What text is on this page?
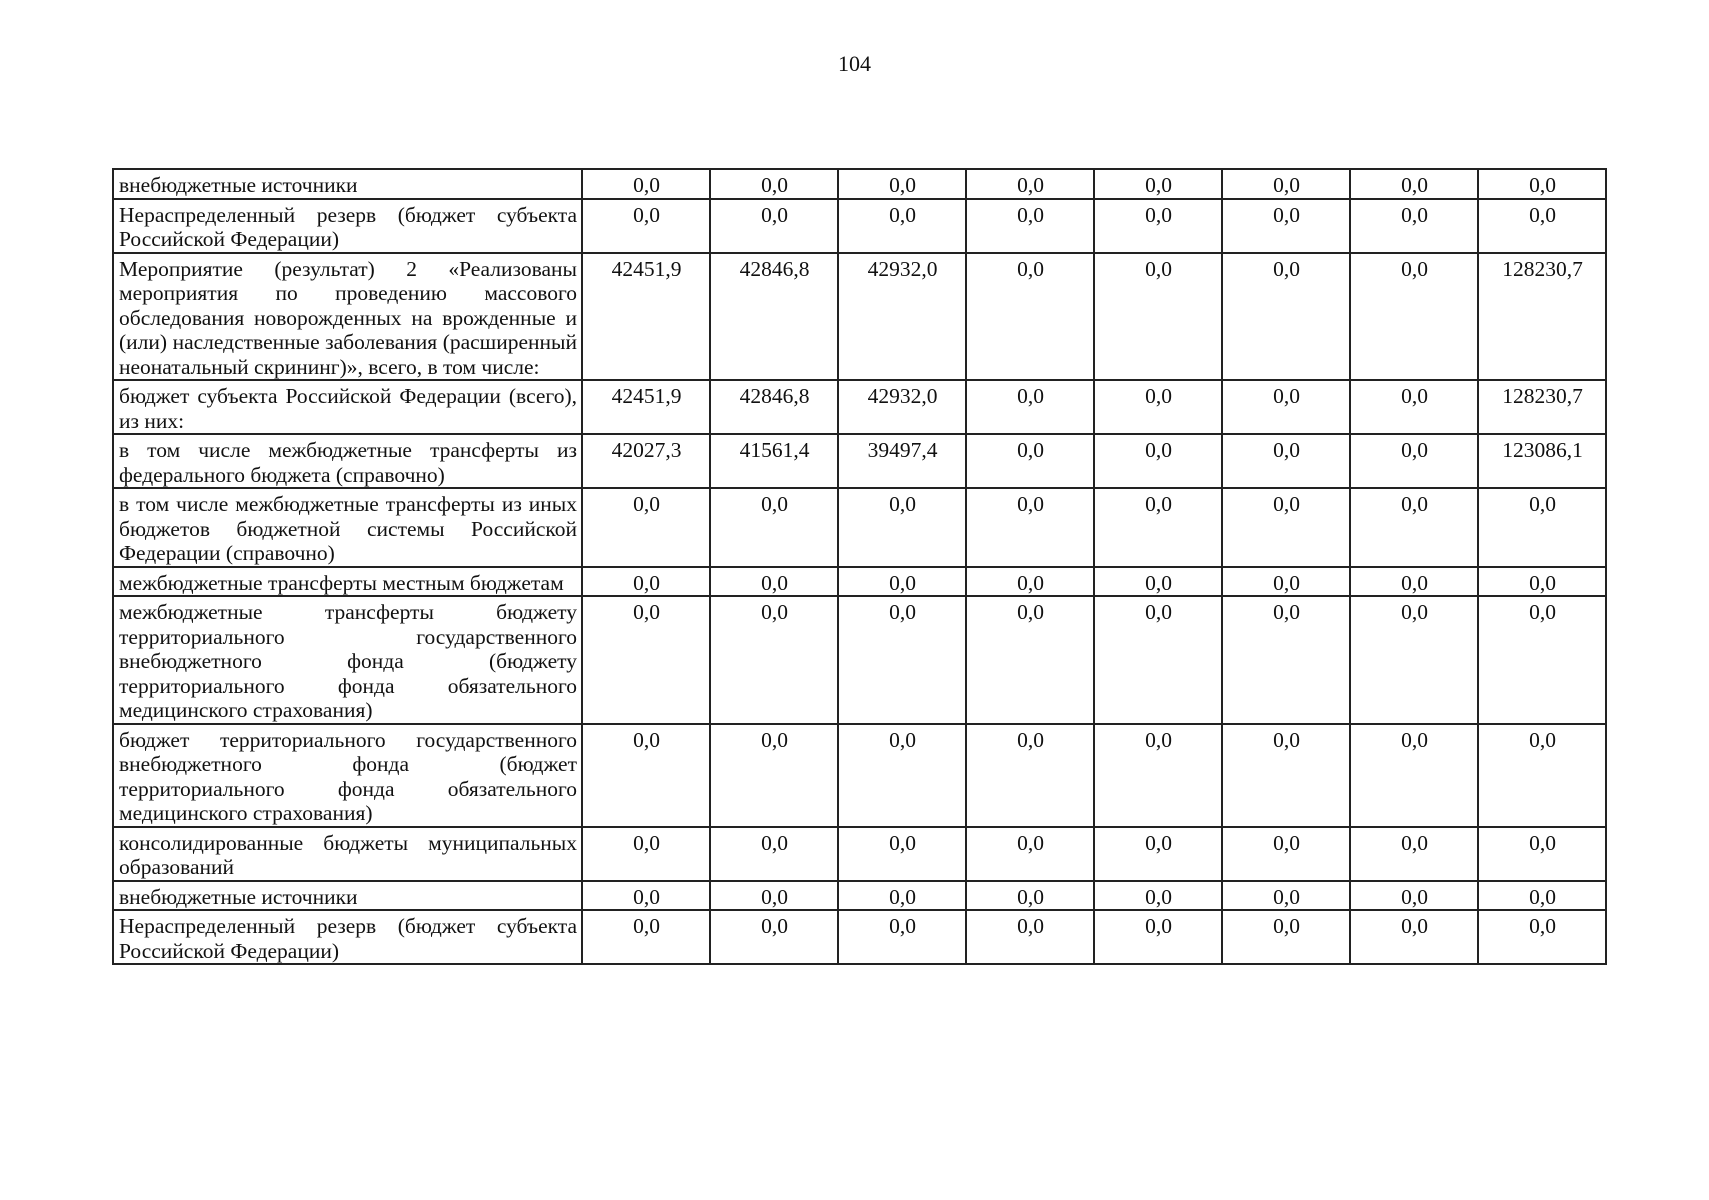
104
внебюджетные источники	0,0	0,0	0,0	0,0	0,0	0,0	0,0	0,0
Нераспределенный резерв (бюджет субъекта Российской Федерации)	0,0	0,0	0,0	0,0	0,0	0,0	0,0	0,0
Мероприятие (результат) 2 «Реализованы мероприятия по проведению массового обследования новорожденных на врожденные и (или) наследственные заболевания (расширенный неонатальный скрининг)», всего, в том числе:	42451,9	42846,8	42932,0	0,0	0,0	0,0	0,0	128230,7
бюджет субъекта Российской Федерации (всего), из них:	42451,9	42846,8	42932,0	0,0	0,0	0,0	0,0	128230,7
в том числе межбюджетные трансферты из федерального бюджета (справочно)	42027,3	41561,4	39497,4	0,0	0,0	0,0	0,0	123086,1
в том числе межбюджетные трансферты из иных бюджетов бюджетной системы Российской Федерации (справочно)	0,0	0,0	0,0	0,0	0,0	0,0	0,0	0,0
межбюджетные трансферты местным бюджетам	0,0	0,0	0,0	0,0	0,0	0,0	0,0	0,0
межбюджетные трансферты бюджету территориального государственного внебюджетного фонда (бюджету территориального фонда обязательного медицинского страхования)	0,0	0,0	0,0	0,0	0,0	0,0	0,0	0,0
бюджет территориального государственного внебюджетного фонда (бюджет территориального фонда обязательного медицинского страхования)	0,0	0,0	0,0	0,0	0,0	0,0	0,0	0,0
консолидированные бюджеты муниципальных образований	0,0	0,0	0,0	0,0	0,0	0,0	0,0	0,0
внебюджетные источники	0,0	0,0	0,0	0,0	0,0	0,0	0,0	0,0
Нераспределенный резерв (бюджет субъекта Российской Федерации)	0,0	0,0	0,0	0,0	0,0	0,0	0,0	0,0
